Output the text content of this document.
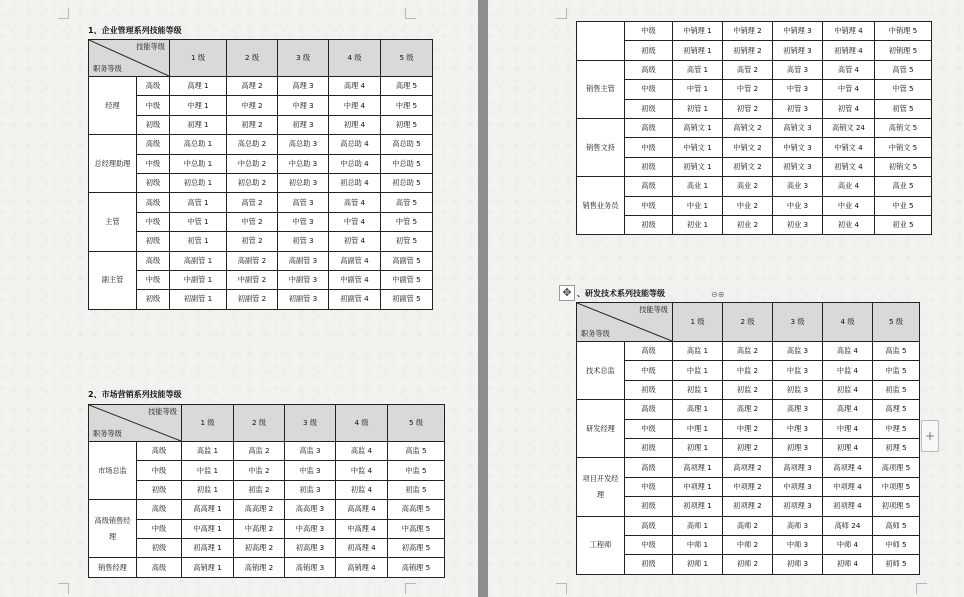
1、企业管理系列技能等级
技能等级
职务等级		1 级	2 级	3 级	4 级	5 级
经理	高级	高理 1	高理 2	高理 3	高理 4	高理 5
	中级	中理 1	中理 2	中理 3	中理 4	中理 5
	初级	初理 1	初理 2	初理 3	初理 4	初理 5
总经理助理	高级	高总助 1	高总助 2	高总助 3	高总助 4	高总助 5
	中级	中总助 1	中总助 2	中总助 3	中总助 4	中总助 5
	初级	初总助 1	初总助 2	初总助 3	初总助 4	初总助 5
主管	高级	高管 1	高管 2	高管 3	高管 4	高管 5
	中级	中管 1	中管 2	中管 3	中管 4	中管 5
	初级	初管 1	初管 2	初管 3	初管 4	初管 5
副主管	高级	高副管 1	高副管 2	高副管 3	高副管 4	高副管 5
	中级	中副管 1	中副管 2	中副管 3	中副管 4	中副管 5
	初级	初副管 1	初副管 2	初副管 3	初副管 4	初副管 5
2、市场营销系列技能等级
技能等级
职务等级		1 级	2 级	3 级	4 级	5 级
市场总监	高级	高监 1	高监 2	高监 3	高监 4	高监 5
	中级	中监 1	中监 2	中监 3	中监 4	中监 5
	初级	初监 1	初监 2	初监 3	初监 4	初监 5
高级销售经理	高级	高高理 1	高高理 2	高高理 3	高高理 4	高高理 5
	中级	中高理 1	中高理 2	中高理 3	中高理 4	中高理 5
	初级	初高理 1	初高理 2	初高理 3	初高理 4	初高理 5
销售经理	高级	高销理 1	高销理 2	高销理 3	高销理 4	高销理 5
	中级	中销理 1	中销理 2	中销理 3	中销理 4	中销理 5
	初级	初销理 1	初销理 2	初销理 3	初销理 4	初销理 5
销售主管	高级	高管 1	高管 2	高管 3	高管 4	高管 5
	中级	中管 1	中管 2	中管 3	中管 4	中管 5
	初级	初管 1	初管 2	初管 3	初管 4	初管 5
销售文持	高级	高销文 1	高销文 2	高销文 3	高销文 24	高销文 5
	中级	中销文 1	中销文 2	中销文 3	中销文 4	中销文 5
	初级	初销文 1	初销文 2	初销文 3	初销文 4	初销文 5
销售业务员	高级	高业 1	高业 2	高业 3	高业 4	高业 5
	中级	中业 1	中业 2	中业 3	中业 4	中业 5
	初级	初业 1	初业 2	初业 3	初业 4	初业 5
、研发技术系列技能等级
技能等级
职务等级		1 级	2 级	3 级	4 级	5 级
技术总监	高级	高监 1	高监 2	高监 3	高监 4	高监 5
	中级	中监 1	中监 2	中监 3	中监 4	中监 5
	初级	初监 1	初监 2	初监 3	初监 4	初监 5
研发经理	高级	高理 1	高理 2	高理 3	高理 4	高理 5
	中级	中理 1	中理 2	中理 3	中理 4	中理 5
	初级	初理 1	初理 2	初理 3	初理 4	初理 5
项目开发经理	高级	高项理 1	高项理 2	高项理 3	高项理 4	高项理 5
	中级	中项理 1	中项理 2	中项理 3	中项理 4	中项理 5
	初级	初项理 1	初项理 2	初项理 3	初项理 4	初项理 5
工程师	高级	高师 1	高师 2	高师 3	高师 24	高师 5
	中级	中师 1	中师 2	中师 3	中师 4	中师 5
	初级	初师 1	初师 2	初师 3	初师 4	初师 5
✥	⊖⊕
+
